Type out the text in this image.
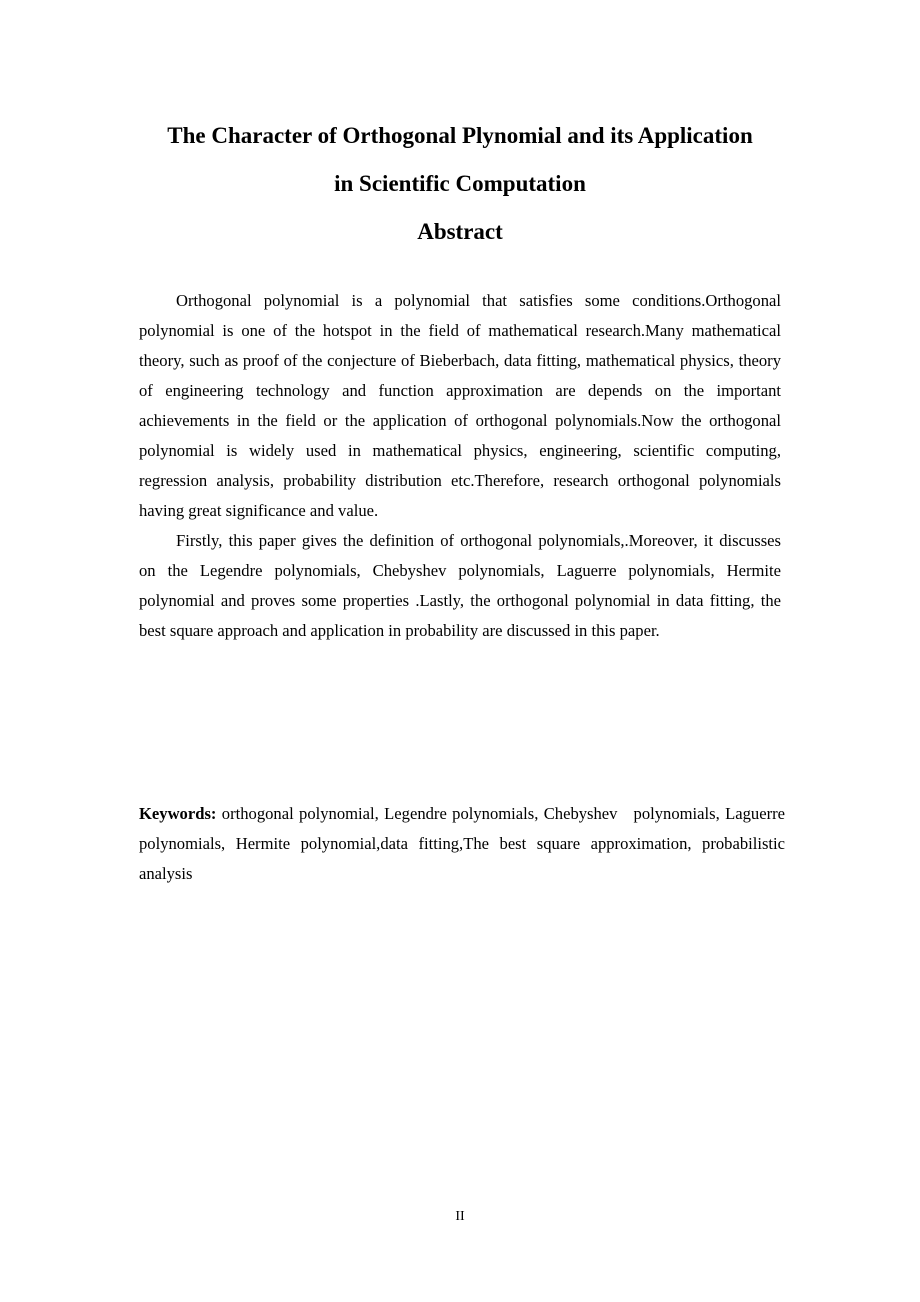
The Character of Orthogonal Plynomial and its Application
in Scientific Computation
Abstract

Orthogonal polynomial is a polynomial that satisfies some conditions.Orthogonal polynomial is one of the hotspot in the field of mathematical research.Many mathematical theory, such as proof of the conjecture of Bieberbach, data fitting, mathematical physics, theory of engineering technology and function approximation are depends on the important achievements in the field or the application of orthogonal polynomials.Now the orthogonal polynomial is widely used in mathematical physics, engineering, scientific computing, regression analysis, probability distribution etc.Therefore, research orthogonal polynomials having great significance and value.

Firstly, this paper gives the definition of orthogonal polynomials,.Moreover, it discusses on the Legendre polynomials, Chebyshev polynomials, Laguerre polynomials, Hermite polynomial and proves some properties .Lastly, the orthogonal polynomial in data fitting, the best square approach and application in probability are discussed in this paper.

Keywords: orthogonal polynomial, Legendre polynomials, Chebyshev   polynomials, Laguerre polynomials, Hermite polynomial,data fitting,The best square approximation, probabilistic analysis

II
